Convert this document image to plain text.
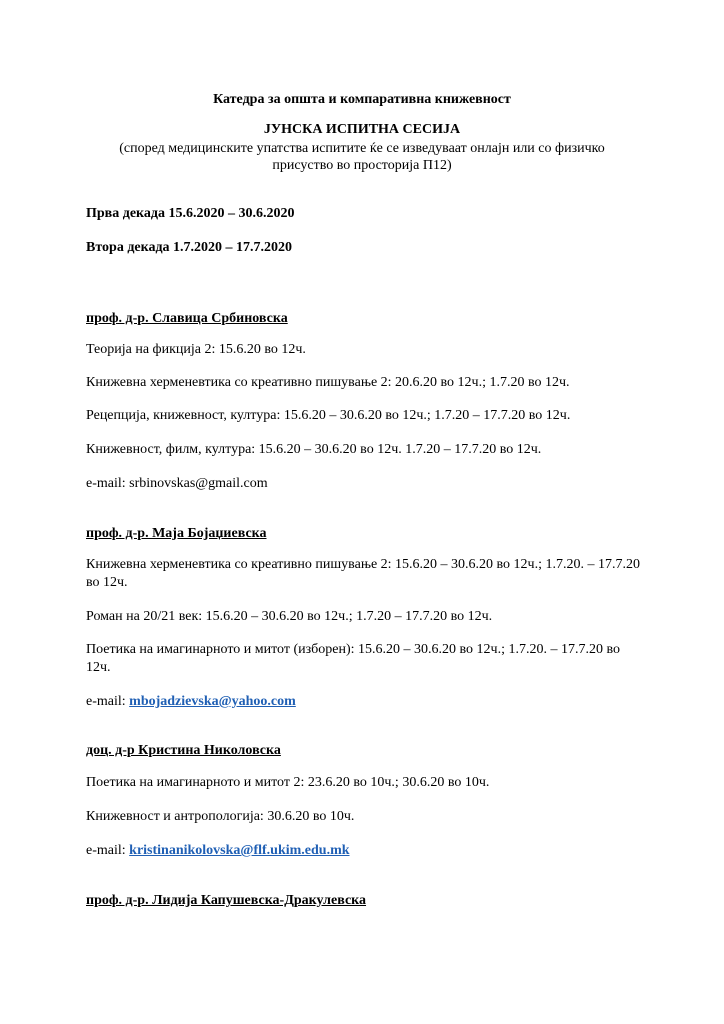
Катедра за општа и компаративна книжевност

ЈУНСКА ИСПИТНА СЕСИЈА

(според медицинските упатства испитите ќе се изведуваат онлајн или со физичко
присуство во просторија П12)

Прва декада 15.6.2020 – 30.6.2020

Втора декада 1.7.2020 – 17.7.2020

проф. д-р. Славица Србиновска

Теорија на фикција 2: 15.6.20 во 12ч.

Книжевна херменевтика со креативно пишување 2: 20.6.20 во 12ч.; 1.7.20 во 12ч.

Рецепција, книжевност, култура: 15.6.20 – 30.6.20 во 12ч.; 1.7.20 – 17.7.20 во 12ч.

Книжевност, филм, култура: 15.6.20 – 30.6.20 во 12ч. 1.7.20 – 17.7.20 во 12ч.

e-mail: srbinovskas@gmail.com

проф. д-р. Маја Бојаџиевска

Книжевна херменевтика со креативно пишување 2: 15.6.20 – 30.6.20 во 12ч.; 1.7.20. – 17.7.20 во 12ч.

Роман на 20/21 век: 15.6.20 – 30.6.20 во 12ч.; 1.7.20 – 17.7.20 во 12ч.

Поетика на имагинарното и митот (изборен): 15.6.20 – 30.6.20 во 12ч.; 1.7.20. – 17.7.20 во 12ч.

e-mail: mbojadzievska@yahoo.com

доц. д-р Кристина Николовска

Поетика на имагинарното и митот 2: 23.6.20 во 10ч.; 30.6.20 во 10ч.

Книжевност и антропологија: 30.6.20 во 10ч.

e-mail: kristinanikolovska@flf.ukim.edu.mk

проф. д-р. Лидија Капушевска-Дракулевска
